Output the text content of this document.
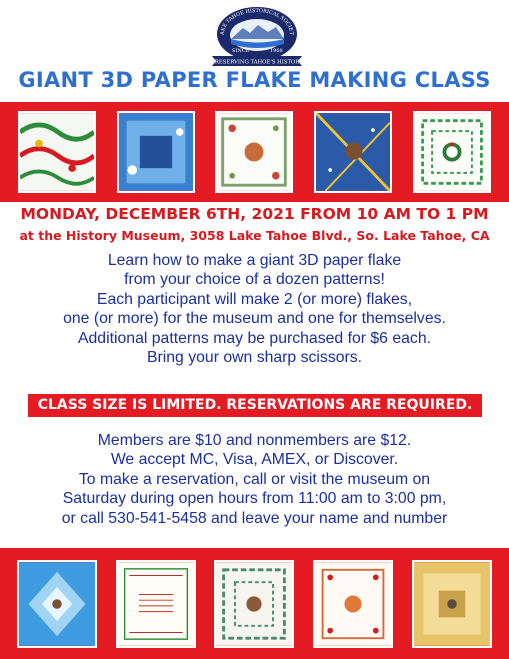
AKE TAHOE HISTORICAL SOCIET
SINCE	1968
PRESERVING TAHOE'S HISTORY
GIANT 3D PAPER FLAKE MAKING CLASS
MONDAY, DECEMBER 6TH, 2021 FROM 10 AM TO 1 PM
at the History Museum, 3058 Lake Tahoe Blvd., So. Lake Tahoe, CA
Learn how to make a giant 3D paper flake
from your choice of a dozen patterns!
Each participant will make 2 (or more) flakes,
one (or more) for the museum and one for themselves.
Additional patterns may be purchased for $6 each.
Bring your own sharp scissors.
CLASS SIZE IS LIMITED. RESERVATIONS ARE REQUIRED.
Members are $10 and nonmembers are $12.
We accept MC, Visa, AMEX, or Discover.
To make a reservation, call or visit the museum on
Saturday during open hours from 11:00 am to 3:00 pm,
or call 530-541-5458 and leave your name and number
